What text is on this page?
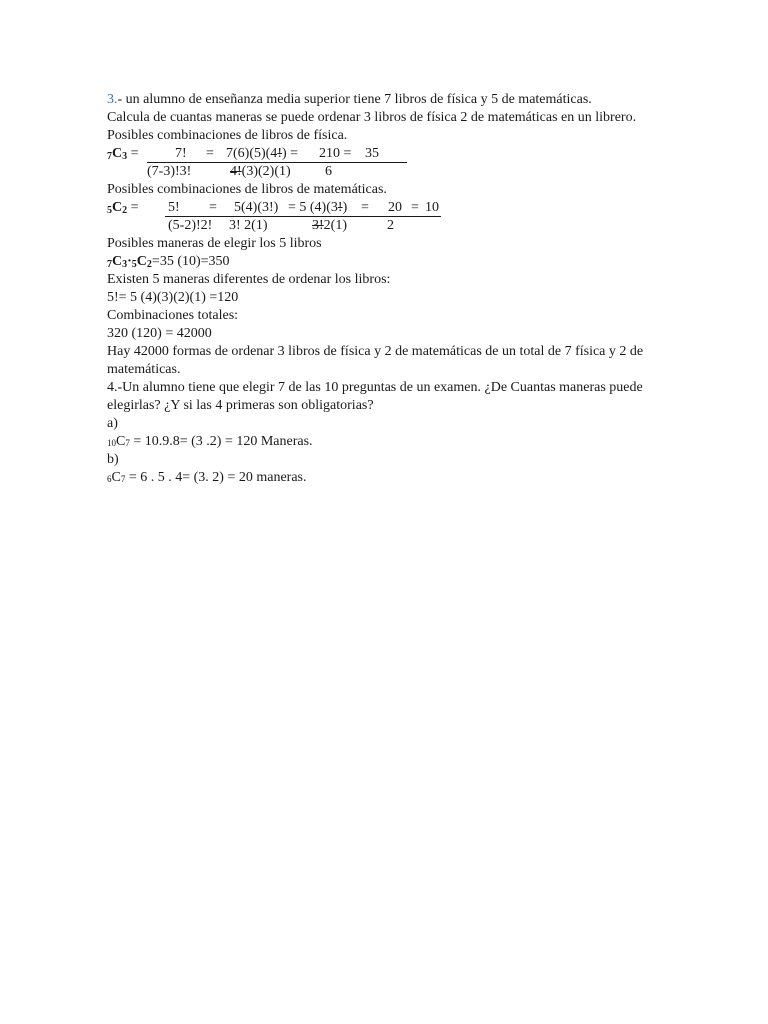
3.- un alumno de enseñanza media superior tiene 7 libros de física y 5 de matemáticas.
Calcula de cuantas maneras se puede ordenar 3 libros de física 2 de matemáticas en un librero.
Posibles combinaciones de libros de física.
$_7C_3$ =	7! = 7(6)(5)(4!) = 210 = 35
(7-3)!3!	4!(3)(2)(1) 6
Posibles combinaciones de libros de matemáticas.
$_5C_2 = 5$! = 5(4)(3!) = 5 (4)(3!) = 20 = 10
(5-2)!2! 3! 2(1)	3!2(1)	2
Posibles maneras de elegir los 5 libros
$_7C_3\cdot_5C_2=35$ (10)=350
Existen 5 maneras diferentes de ordenar los libros:
5!= 5 (4)(3)(2)(1) =120
Combinaciones totales:
320 (120) = 42000
Hay 42000 formas de ordenar 3 libros de física y 2 de matemáticas de un total de 7 física y 2 de matemáticas.
4.-Un alumno tiene que elegir 7 de las 10 preguntas de un examen. ¿De Cuantas maneras puede elegirlas? ¿Y si las 4 primeras son obligatorias?
a)
10C7 = 10.9.8= (3 .2) = 120 Maneras.
b)
6C7 = 6 . 5 . 4= (3. 2) = 20 maneras.
